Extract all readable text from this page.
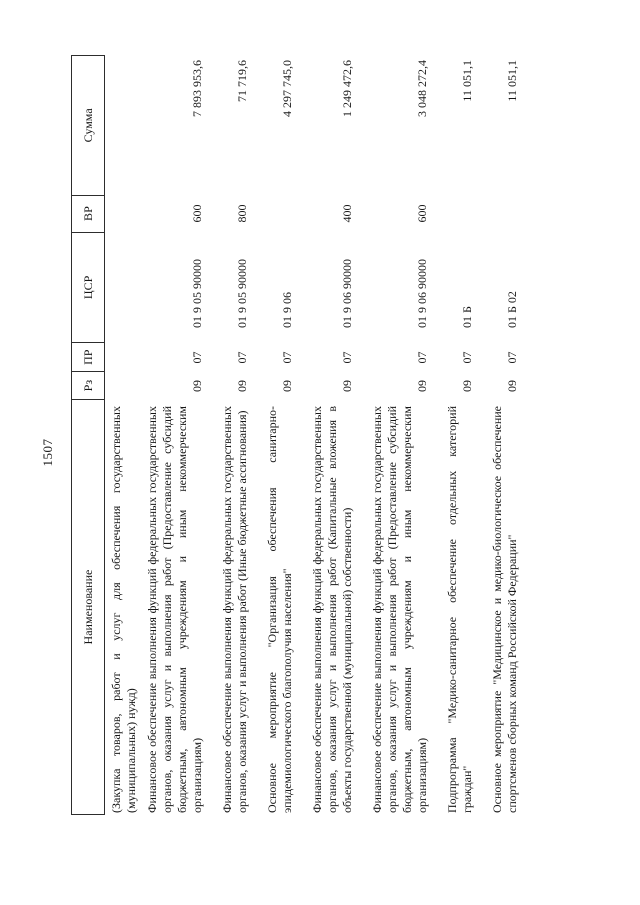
1507
Наименование
Рз
ПР
ЦСР
ВР
Сумма
(Закупка товаров, работ и услуг для обеспечения государственных (муниципальных) нужд) Финансовое обеспечение выполнения функций федеральных государственных органов, оказания услуг и выполнения работ (Предоставление субсидий бюджетным, автономным учреждениям и иным некоммерческим организациям)
09
07
01 9 05 90000
600
7 893 953,6
Финансовое обеспечение выполнения функций федеральных государственных органов, оказания услуг и выполнения работ (Иные бюджетные ассигнования)
09
07
01 9 05 90000
800
71 719,6
Основное мероприятие "Организация обеспечения санитарно-эпидемиологического благополучия населения"
09
07
01 9 06
4 297 745,0
Финансовое обеспечение выполнения функций федеральных государственных органов, оказания услуг и выполнения работ (Капитальные вложения в объекты государственной (муниципальной) собственности)
09
07
01 9 06 90000
400
1 249 472,6
Финансовое обеспечение выполнения функций федеральных государственных органов, оказания услуг и выполнения работ (Предоставление субсидий бюджетным, автономным учреждениям и иным некоммерческим организациям)
09
07
01 9 06 90000
600
3 048 272,4
Подпрограмма "Медико-санитарное обеспечение отдельных категорий граждан"
09
07
01 Б
11 051,1
Основное мероприятие "Медицинское и медико-биологическое обеспечение спортсменов сборных команд Российской Федерации"
09
07
01 Б 02
11 051,1
